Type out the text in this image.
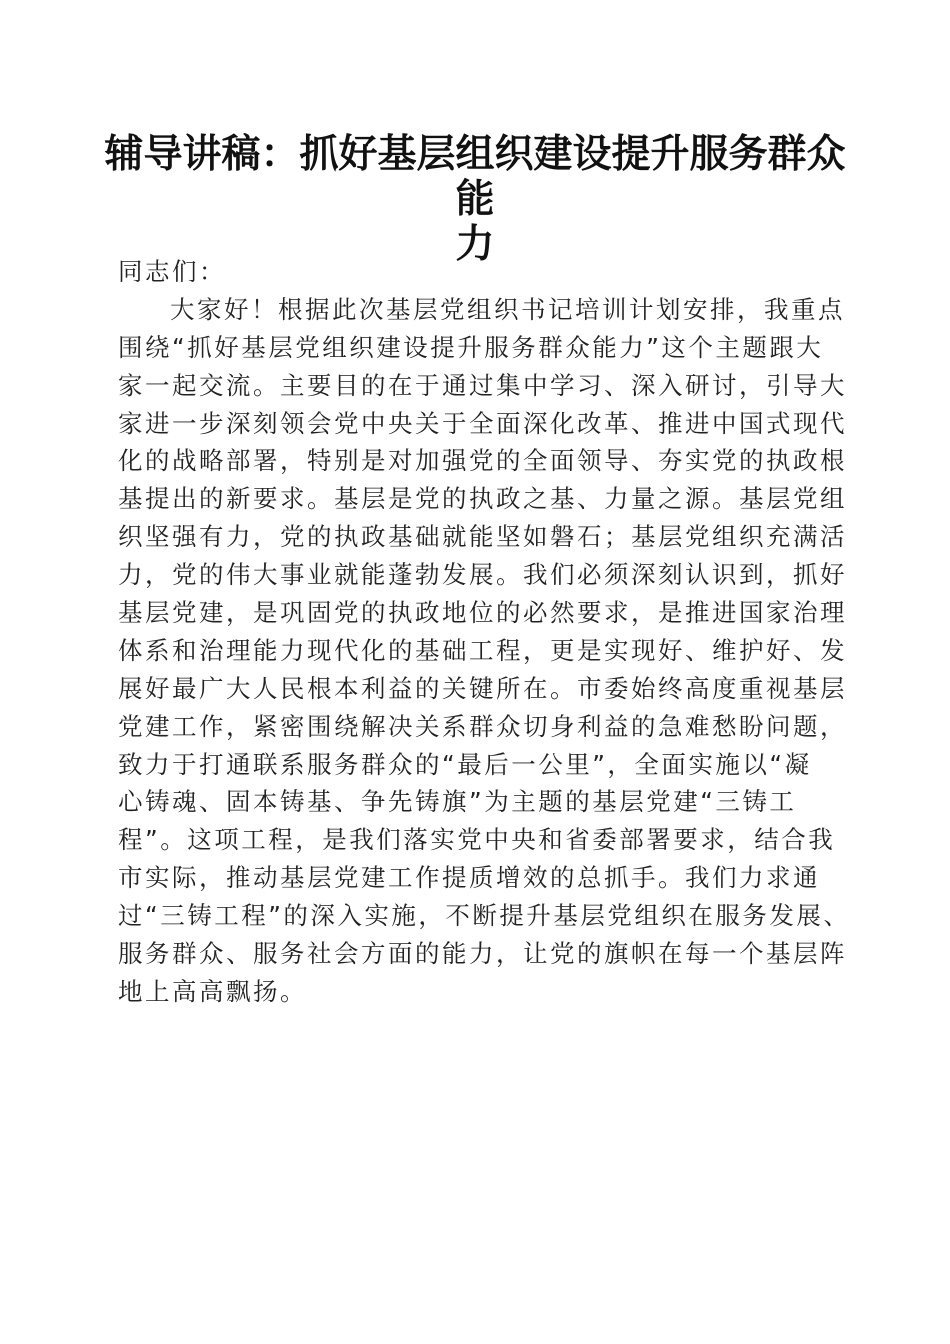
辅导讲稿：抓好基层组织建设提升服务群众能
力
同志们：
大家好！根据此次基层党组织书记培训计划安排，我重点
围绕“抓好基层党组织建设提升服务群众能力”这个主题跟大
家一起交流。主要目的在于通过集中学习、深入研讨，引导大
家进一步深刻领会党中央关于全面深化改革、推进中国式现代
化的战略部署，特别是对加强党的全面领导、夯实党的执政根
基提出的新要求。基层是党的执政之基、力量之源。基层党组
织坚强有力，党的执政基础就能坚如磐石；基层党组织充满活
力，党的伟大事业就能蓬勃发展。我们必须深刻认识到，抓好
基层党建，是巩固党的执政地位的必然要求，是推进国家治理
体系和治理能力现代化的基础工程，更是实现好、维护好、发
展好最广大人民根本利益的关键所在。市委始终高度重视基层
党建工作，紧密围绕解决关系群众切身利益的急难愁盼问题，
致力于打通联系服务群众的“最后一公里”，全面实施以“凝
心铸魂、固本铸基、争先铸旗”为主题的基层党建“三铸工
程”。这项工程，是我们落实党中央和省委部署要求，结合我
市实际，推动基层党建工作提质增效的总抓手。我们力求通
过“三铸工程”的深入实施，不断提升基层党组织在服务发展、
服务群众、服务社会方面的能力，让党的旗帜在每一个基层阵
地上高高飘扬。
